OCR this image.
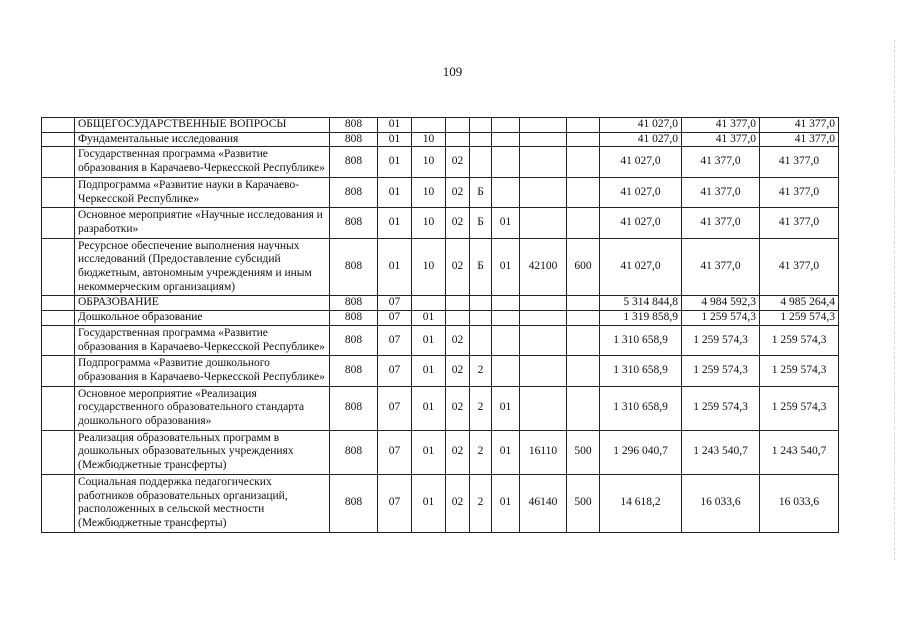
109
	ОБЩЕГОСУДАРСТВЕННЫЕ ВОПРОСЫ	808	01							41 027,0	41 377,0	41 377,0
	Фундаментальные исследования	808	01	10						41 027,0	41 377,0	41 377,0
	Государственная программа «Развитие образования в Карачаево-Черкесской Республике»	808	01	10	02					41 027,0	41 377,0	41 377,0
	Подпрограмма «Развитие науки в Карачаево-Черкесской Республике»	808	01	10	02	Б				41 027,0	41 377,0	41 377,0
	Основное мероприятие «Научные исследования и разработки»	808	01	10	02	Б	01			41 027,0	41 377,0	41 377,0
	Ресурсное обеспечение выполнения научных исследований (Предоставление субсидий бюджетным, автономным учреждениям и иным некоммерческим организациям)	808	01	10	02	Б	01	42100	600	41 027,0	41 377,0	41 377,0
	ОБРАЗОВАНИЕ	808	07							5 314 844,8	4 984 592,3	4 985 264,4
	Дошкольное образование	808	07	01						1 319 858,9	1 259 574,3	1 259 574,3
	Государственная программа «Развитие образования в Карачаево-Черкесской Республике»	808	07	01	02					1 310 658,9	1 259 574,3	1 259 574,3
	Подпрограмма «Развитие дошкольного образования в Карачаево-Черкесской Республике»	808	07	01	02	2				1 310 658,9	1 259 574,3	1 259 574,3
	Основное мероприятие «Реализация государственного образовательного стандарта дошкольного образования»	808	07	01	02	2	01			1 310 658,9	1 259 574,3	1 259 574,3
	Реализация образовательных программ в дошкольных образовательных учреждениях (Межбюджетные трансферты)	808	07	01	02	2	01	16110	500	1 296 040,7	1 243 540,7	1 243 540,7
	Социальная поддержка педагогических работников образовательных организаций, расположенных в сельской местности (Межбюджетные трансферты)	808	07	01	02	2	01	46140	500	14 618,2	16 033,6	16 033,6
